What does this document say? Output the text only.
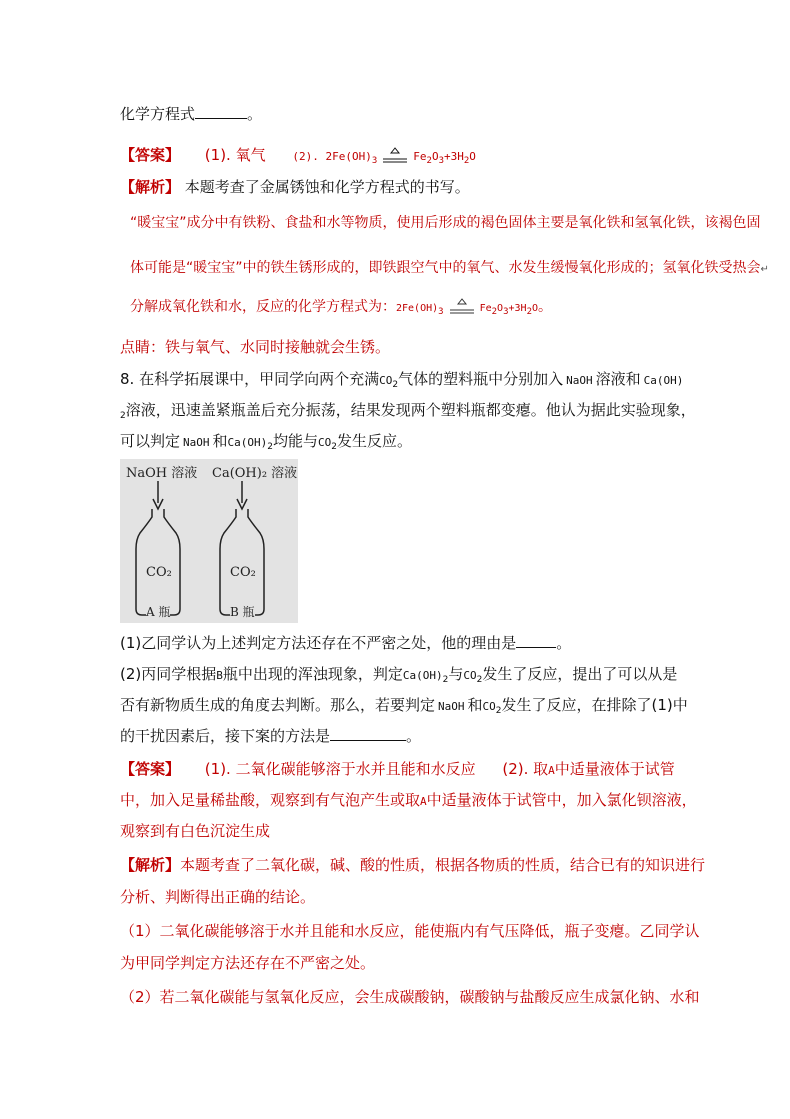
化学方程式	。
【答案】 (1). 氧气 (2). $2Fe(OH)_3$	$Fe_2O_3+3H_2O$
【解析】 本题考查了金属锈蚀和化学方程式的书写。
“暖宝宝”成分中有铁粉、食盐和水等物质，使用后形成的褐色固体主要是氧化铁和氢氧化铁，该褐色固
体可能是“暖宝宝”中的铁生锈形成的，即铁跟空气中的氧气、水发生缓慢氧化形成的；氢氧化铁受热会↵
分解成氧化铁和水，反应的化学方程式为：$2Fe(OH)_3$	$Fe_2O_3+3H_2O$。
点睛：铁与氧气、水同时接触就会生锈。
8. 在科学拓展课中，甲同学向两个充满$CO_2$气体的塑料瓶中分别加入 NaOH 溶液和 Ca(OH)
$_2$溶液，迅速盖紧瓶盖后充分振荡，结果发现两个塑料瓶都变瘪。他认为据此实验现象，
可以判定 NaOH 和$Ca(OH)_2$均能与$CO_2$发生反应。
NaOH 溶液 Ca(OH)₂ 溶液
CO₂	CO₂
A 瓶	B 瓶
(1)乙同学认为上述判定方法还存在不严密之处，他的理由是	。
(2)丙同学根据B瓶中出现的浑浊现象，判定$Ca(OH)_2$与$CO_2$发生了反应，提出了可以从是
否有新物质生成的角度去判断。那么，若要判定 NaOH 和$CO_2$发生了反应，在排除了(1)中
的干扰因素后，接下案的方法是	。
【答案】 (1). 二氧化碳能够溶于水并且能和水反应 (2). 取A中适量液体于试管
中，加入足量稀盐酸，观察到有气泡产生或取A中适量液体于试管中，加入氯化钡溶液，
观察到有白色沉淀生成
【解析】本题考查了二氧化碳，碱、酸的性质，根据各物质的性质，结合已有的知识进行
分析、判断得出正确的结论。
（1）二氧化碳能够溶于水并且能和水反应，能使瓶内有气压降低，瓶子变瘪。乙同学认
为甲同学判定方法还存在不严密之处。
（2）若二氧化碳能与氢氧化反应，会生成碳酸钠，碳酸钠与盐酸反应生成氯化钠、水和
